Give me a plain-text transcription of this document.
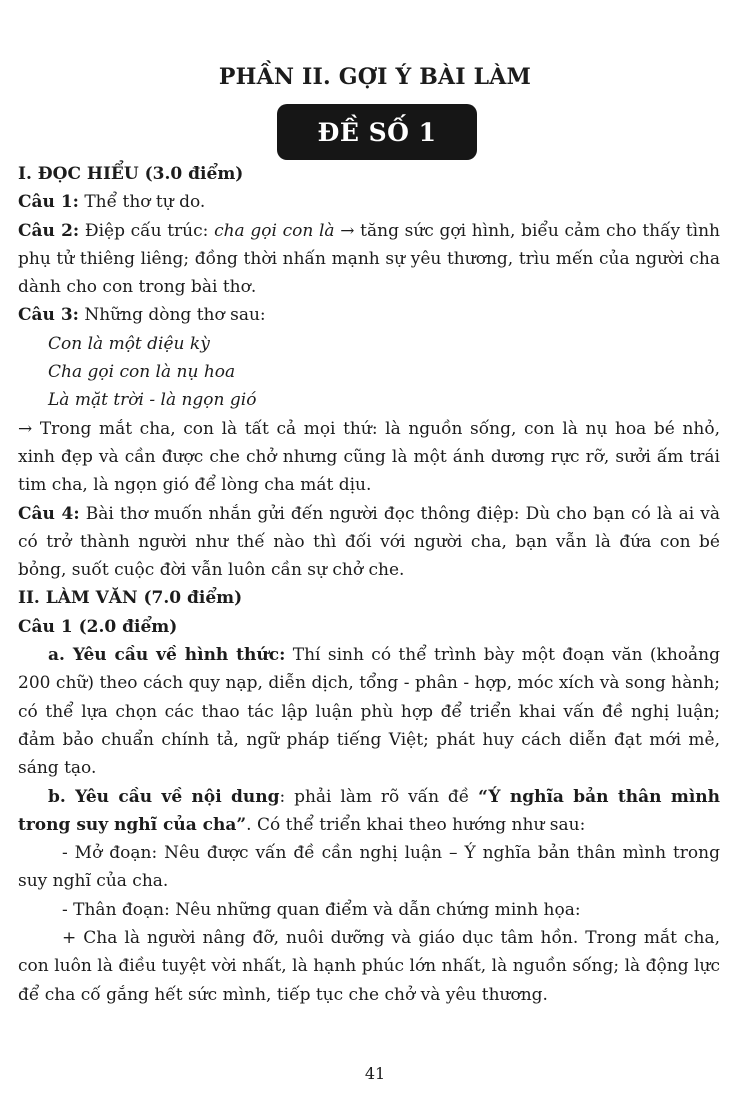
PHẦN II. GỢI Ý BÀI LÀM
ĐỀ SỐ 1

I. ĐỌC HIỂU (3.0 điểm)

Câu 1: Thể thơ tự do.

Câu 2: Điệp cấu trúc: cha gọi con là → tăng sức gợi hình, biểu cảm cho thấy tình phụ tử thiêng liêng; đồng thời nhấn mạnh sự yêu thương, trìu mến của người cha dành cho con trong bài thơ.

Câu 3: Những dòng thơ sau:

Con là một diệu kỳ

Cha gọi con là nụ hoa

Là mặt trời - là ngọn gió

→ Trong mắt cha, con là tất cả mọi thứ: là nguồn sống, con là nụ hoa bé nhỏ, xinh đẹp và cần được che chở nhưng cũng là một ánh dương rực rỡ, sưởi ấm trái tim cha, là ngọn gió để lòng cha mát dịu.

Câu 4: Bài thơ muốn nhắn gửi đến người đọc thông điệp: Dù cho bạn có là ai và có trở thành người như thế nào thì đối với người cha, bạn vẫn là đứa con bé bỏng, suốt cuộc đời vẫn luôn cần sự chở che.

II. LÀM VĂN (7.0 điểm)

Câu 1 (2.0 điểm)

a. Yêu cầu về hình thức: Thí sinh có thể trình bày một đoạn văn (khoảng 200 chữ) theo cách quy nạp, diễn dịch, tổng - phân - hợp, móc xích và song hành; có thể lựa chọn các thao tác lập luận phù hợp để triển khai vấn đề nghị luận; đảm bảo chuẩn chính tả, ngữ pháp tiếng Việt; phát huy cách diễn đạt mới mẻ, sáng tạo.

b. Yêu cầu về nội dung: phải làm rõ vấn đề “Ý nghĩa bản thân mình trong suy nghĩ của cha”. Có thể triển khai theo hướng như sau:

- Mở đoạn: Nêu được vấn đề cần nghị luận – Ý nghĩa bản thân mình trong suy nghĩ của cha.

- Thân đoạn: Nêu những quan điểm và dẫn chứng minh họa:

+ Cha là người nâng đỡ, nuôi dưỡng và giáo dục tâm hồn. Trong mắt cha, con luôn là điều tuyệt vời nhất, là hạnh phúc lớn nhất, là nguồn sống; là động lực để cha cố gắng hết sức mình, tiếp tục che chở và yêu thương.

41
